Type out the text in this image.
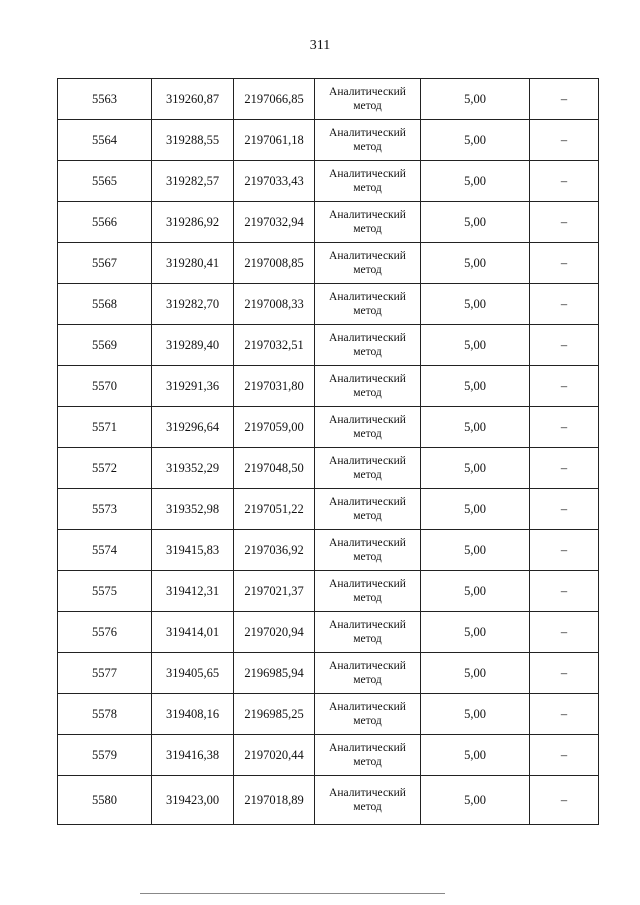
311
5563	319260,87	2197066,85	Аналитический метод	5,00	–
5564	319288,55	2197061,18	Аналитический метод	5,00	–
5565	319282,57	2197033,43	Аналитический метод	5,00	–
5566	319286,92	2197032,94	Аналитический метод	5,00	–
5567	319280,41	2197008,85	Аналитический метод	5,00	–
5568	319282,70	2197008,33	Аналитический метод	5,00	–
5569	319289,40	2197032,51	Аналитический метод	5,00	–
5570	319291,36	2197031,80	Аналитический метод	5,00	–
5571	319296,64	2197059,00	Аналитический метод	5,00	–
5572	319352,29	2197048,50	Аналитический метод	5,00	–
5573	319352,98	2197051,22	Аналитический метод	5,00	–
5574	319415,83	2197036,92	Аналитический метод	5,00	–
5575	319412,31	2197021,37	Аналитический метод	5,00	–
5576	319414,01	2197020,94	Аналитический метод	5,00	–
5577	319405,65	2196985,94	Аналитический метод	5,00	–
5578	319408,16	2196985,25	Аналитический метод	5,00	–
5579	319416,38	2197020,44	Аналитический метод	5,00	–
5580	319423,00	2197018,89	Аналитический метод	5,00	–
